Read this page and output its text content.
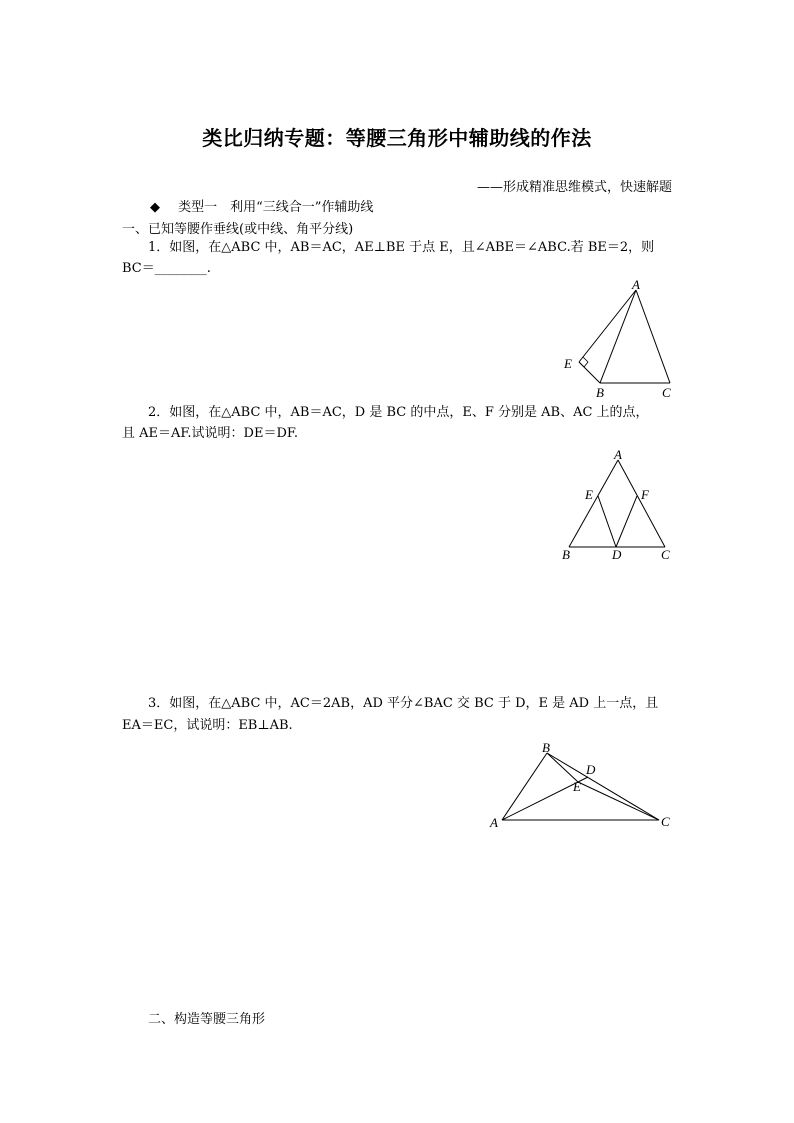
类比归纳专题：等腰三角形中辅助线的作法
——形成精准思维模式，快速解题
◆ 类型一　利用“三线合一”作辅助线
一、已知等腰作垂线(或中线、角平分线)
1．如图，在△ABC 中，AB＝AC，AE⊥BE 于点 E，且∠ABE＝∠ABC.若 BE＝2，则
BC＝________.
A
B	C
E
2．如图，在△ABC 中，AB＝AC，D 是 BC 的中点，E、F 分别是 AB、AC 上的点，
且 AE＝AF.试说明：DE＝DF.
A
E	F
B	D	C
3．如图，在△ABC 中，AC＝2AB，AD 平分∠BAC 交 BC 于 D，E 是 AD 上一点，且
EA＝EC，试说明：EB⊥AB.
B
D
E
A	C
二、构造等腰三角形
